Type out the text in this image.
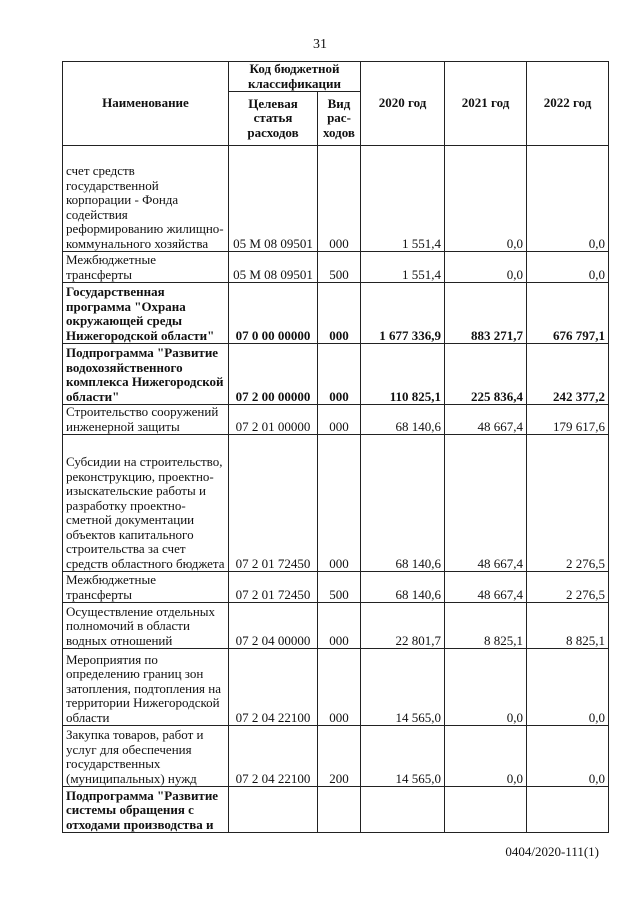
31
Наименование	Код бюджетной классификации		2020 год	2021 год	2022 год
	Целевая статья расходов	Вид рас-ходов			
счет средств государственной корпорации - Фонда содействия реформированию жилищно-коммунального хозяйства	05 М 08 09501	000	1 551,4	0,0	0,0
Межбюджетные трансферты	05 М 08 09501	500	1 551,4	0,0	0,0
Государственная программа "Охрана окружающей среды Нижегородской области"	07 0 00 00000	000	1 677 336,9	883 271,7	676 797,1
Подпрограмма "Развитие водохозяйственного комплекса Нижегородской области"	07 2 00 00000	000	110 825,1	225 836,4	242 377,2
Строительство сооружений инженерной защиты	07 2 01 00000	000	68 140,6	48 667,4	179 617,6
Субсидии на строительство, реконструкцию, проектно-изыскательские работы и разработку проектно-сметной документации объектов капитального строительства за счет средств областного бюджета	07 2 01 72450	000	68 140,6	48 667,4	2 276,5
Межбюджетные трансферты	07 2 01 72450	500	68 140,6	48 667,4	2 276,5
Осуществление отдельных полномочий в области водных отношений	07 2 04 00000	000	22 801,7	8 825,1	8 825,1
Мероприятия по определению границ зон затопления, подтопления на территории Нижегородской области	07 2 04 22100	000	14 565,0	0,0	0,0
Закупка товаров, работ и услуг для обеспечения государственных (муниципальных) нужд	07 2 04 22100	200	14 565,0	0,0	0,0
Подпрограмма "Развитие системы обращения с отходами производства и					
0404/2020-111(1)
